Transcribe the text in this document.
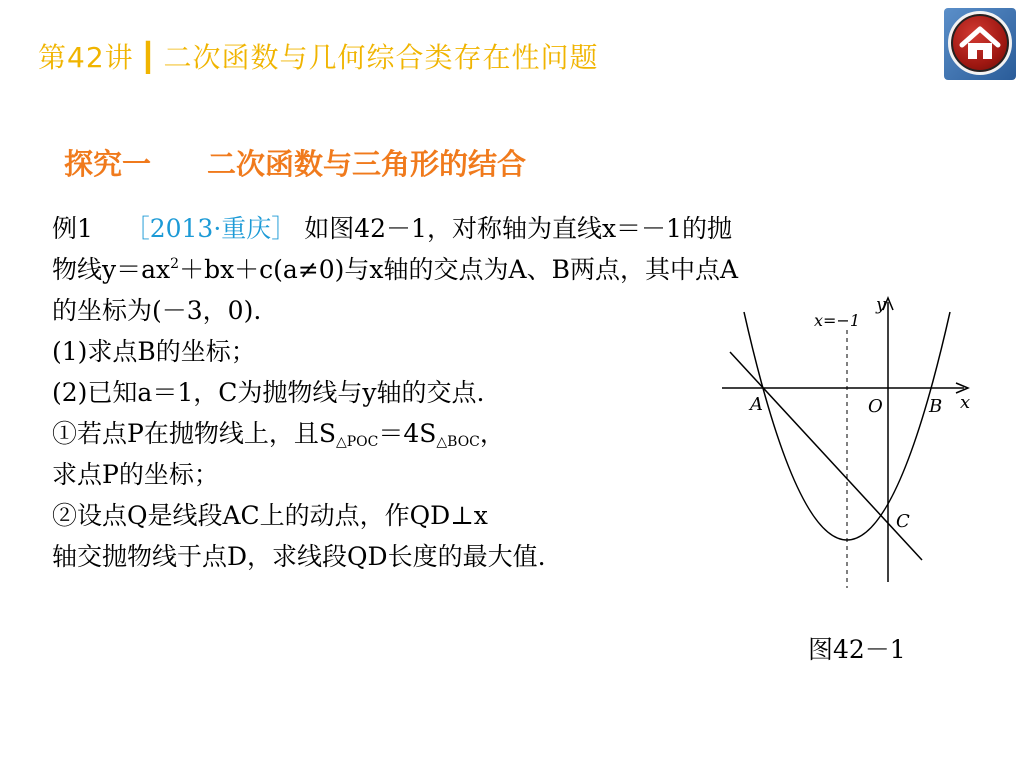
第42讲 ┃ 二次函数与几何综合类存在性问题
探究一 二次函数与三角形的结合
例1 ［2013·重庆］ 如图42－1，对称轴为直线x＝－1的抛
物线$y=ax^2+bx+c(a\ne 0)$与x轴的交点为A、B两点，其中点A
的坐标为(－3，0).
(1)求点B的坐标；
(2)已知a＝1，C为抛物线与y轴的交点.
①若点P在抛物线上，且$S_{\triangle POC}=4S_{\triangle BOC}$，
求点P的坐标；
②设点Q是线段AC上的动点，作QD⊥x
轴交抛物线于点D，求线段QD长度的最大值.
x=−1
y
x
A	O	B
C
图42－1
